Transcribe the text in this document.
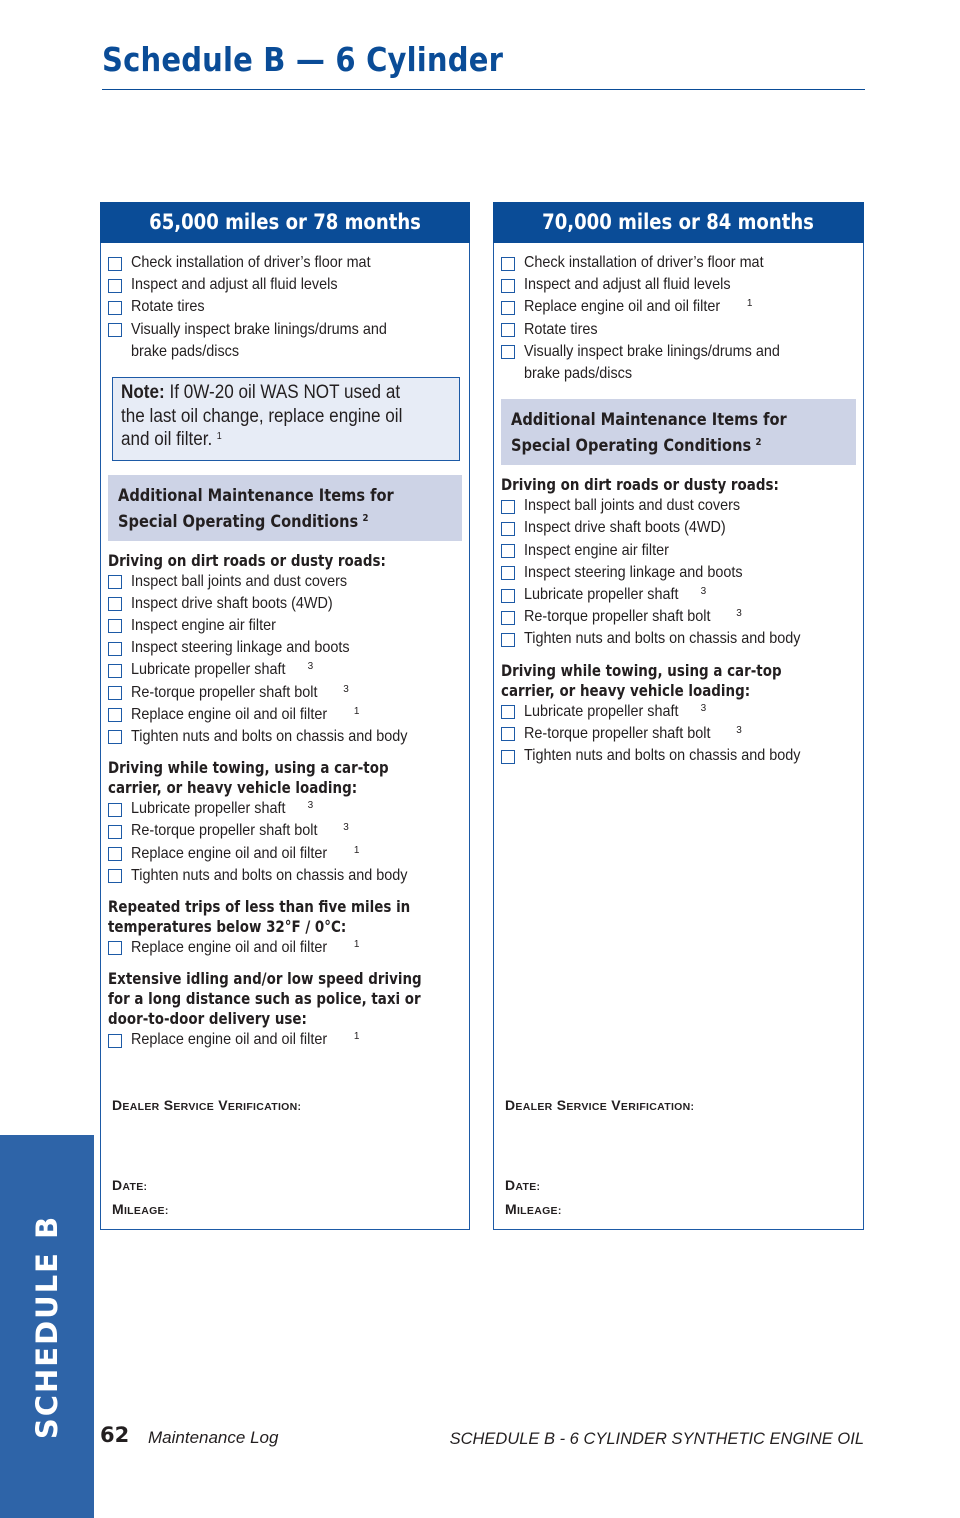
Schedule B — 6 Cylinder
65,000 miles or 78 months
Check installation of driver’s floor mat
Inspect and adjust all fluid levels
Rotate tires
Visually inspect brake linings/drums and
brake pads/discs
Note: If 0W-20 oil WAS NOT used at
the last oil change, replace engine oil
and oil filter. $^1$
Additional Maintenance Items for
Special Operating Conditions $^2$
Driving on dirt roads or dusty roads:
Inspect ball joints and dust covers
Inspect drive shaft boots (4WD)
Inspect engine air filter
Inspect steering linkage and boots
Lubricate propeller shaft $^3$
Re-torque propeller shaft bolt	$^3$
Replace engine oil and oil filter	$^1$
Tighten nuts and bolts on chassis and body
Driving while towing, using a car-top
carrier, or heavy vehicle loading:
Lubricate propeller shaft $^3$
Re-torque propeller shaft bolt	$^3$
Replace engine oil and oil filter	$^1$
Tighten nuts and bolts on chassis and body
Repeated trips of less than five miles in
temperatures below 32°F / 0°C:
Replace engine oil and oil filter	$^1$
Extensive idling and/or low speed driving
for a long distance such as police, taxi or
door-to-door delivery use:
Replace engine oil and oil filter	$^1$
DEALER SERVICE VERIFICATION:
DATE:
MILEAGE:
70,000 miles or 84 months
Check installation of driver’s floor mat
Inspect and adjust all fluid levels
Replace engine oil and oil filter	$^1$
Rotate tires
Visually inspect brake linings/drums and
brake pads/discs
Additional Maintenance Items for
Special Operating Conditions $^2$
Driving on dirt roads or dusty roads:
Inspect ball joints and dust covers
Inspect drive shaft boots (4WD)
Inspect engine air filter
Inspect steering linkage and boots
Lubricate propeller shaft $^3$
Re-torque propeller shaft bolt	$^3$
Tighten nuts and bolts on chassis and body
Driving while towing, using a car-top
carrier, or heavy vehicle loading:
Lubricate propeller shaft $^3$
Re-torque propeller shaft bolt	$^3$
Tighten nuts and bolts on chassis and body
DEALER SERVICE VERIFICATION:
DATE:
MILEAGE:
SCHEDULE B 62 Maintenance Log	SCHEDULE B - 6 CYLINDER SYNTHETIC ENGINE OIL
